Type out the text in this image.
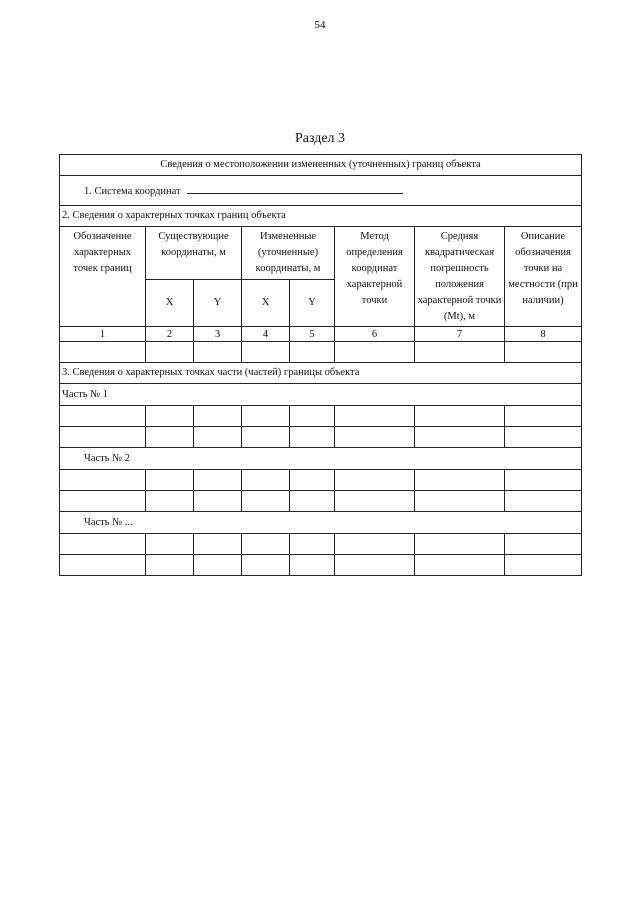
54
Раздел 3
Сведения о местоположении измененных (уточненных) границ объекта							
1. Система координат							
2. Сведения о характерных точках границ объекта							
Обозначение характерных точек границ	Существующие координаты, м		Измененные (уточненные) координаты, м		Метод определения координат характерной точки	Средняя квадратическая погрешность положения характерной точки (Mt), м	Описание обозначения точки на местности (при наличии)
	X	Y	X	Y			
1	2	3	4	5	6	7	8

3. Сведения о характерных точках части (частей) границы объекта							
Часть № 1							

Часть № 2							

Часть № ...							
